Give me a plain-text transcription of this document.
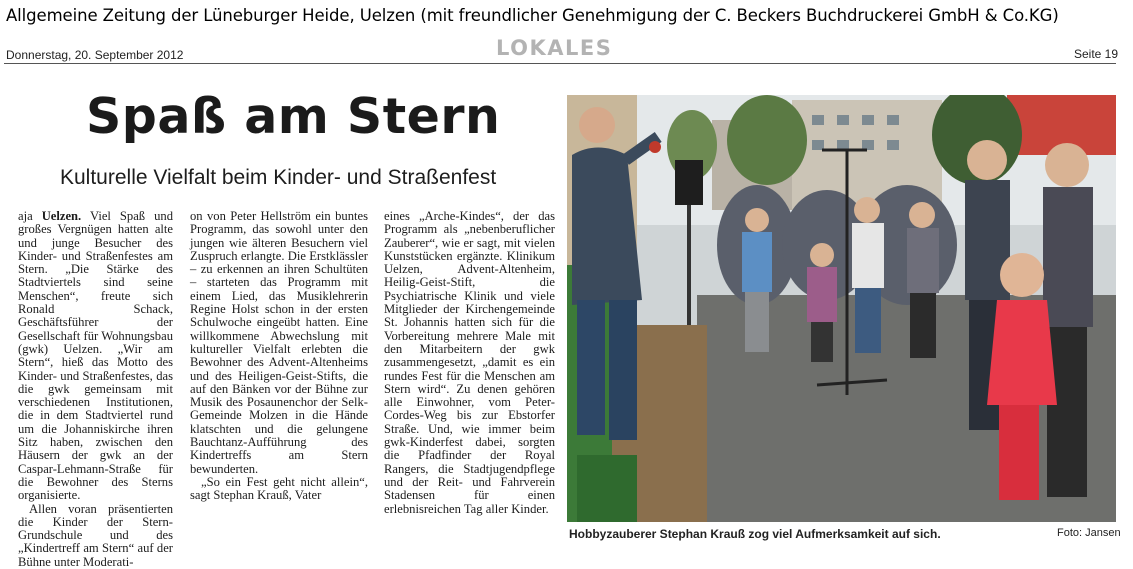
Allgemeine Zeitung der Lüneburger Heide, Uelzen (mit freundlicher Genehmigung der C. Beckers Buchdruckerei GmbH & Co.KG)
Donnerstag, 20. September 2012	LOKALES	Seite 19
Spaß am Stern
Kulturelle Vielfalt beim Kinder- und Straßenfest

aja Uelzen. Viel Spaß und großes Vergnügen hatten alte und junge Besucher des Kinder- und Straßenfestes am Stern. „Die Stärke des Stadtviertels sind seine Menschen“, freute sich Ronald Schack, Geschäftsführer der Gesellschaft für Wohnungsbau (gwk) Uelzen. „Wir am Stern“, hieß das Motto des Kinder- und Straßenfestes, das die gwk gemeinsam mit verschiedenen Institutionen, die in dem Stadtviertel rund um die Johanniskirche ihren Sitz haben, zwischen den Häusern der gwk an der Caspar-Lehmann-Straße für die Bewohner des Sterns organisierte.

Allen voran präsentierten die Kinder der Stern-Grundschule und des „Kindertreff am Stern“ auf der Bühne unter Moderati-

on von Peter Hellström ein buntes Programm, das sowohl unter den jungen wie älteren Besuchern viel Zuspruch erlangte. Die Erstklässler – zu erkennen an ihren Schultüten – starteten das Programm mit einem Lied, das Musiklehrerin Regine Holst schon in der ersten Schulwoche eingeübt hatten. Eine willkommene Abwechslung mit kultureller Vielfalt erlebten die Bewohner des Advent-Altenheims und des Heiligen-Geist-Stifts, die auf den Bänken vor der Bühne zur Musik des Posaunenchor der Selk-Gemeinde Molzen in die Hände klatschten und die gelungene Bauchtanz-Aufführung des Kindertreffs am Stern bewunderten.

„So ein Fest geht nicht allein“, sagt Stephan Krauß, Vater

eines „Arche-Kindes“, der das Programm als „nebenberuflicher Zauberer“, wie er sagt, mit vielen Kunststücken ergänzte. Klinikum Uelzen, Advent-Altenheim, Heilig-Geist-Stift, die Psychiatrische Klinik und viele Mitglieder der Kirchengemeinde St. Johannis hatten sich für die Vorbereitung mehrere Male mit den Mitarbeitern der gwk zusammengesetzt, „damit es ein rundes Fest für die Menschen am Stern wird“. Zu denen gehören alle Einwohner, vom Peter-Cordes-Weg bis zur Ebstorfer Straße. Und, wie immer beim gwk-Kinderfest dabei, sorgten die Pfadfinder der Royal Rangers, die Stadtjugendpflege und der Reit- und Fahrverein Stadensen für einen erlebnisreichen Tag aller Kinder.

Hobbyzauberer Stephan Krauß zog viel Aufmerksamkeit auf sich.	Foto: Jansen
